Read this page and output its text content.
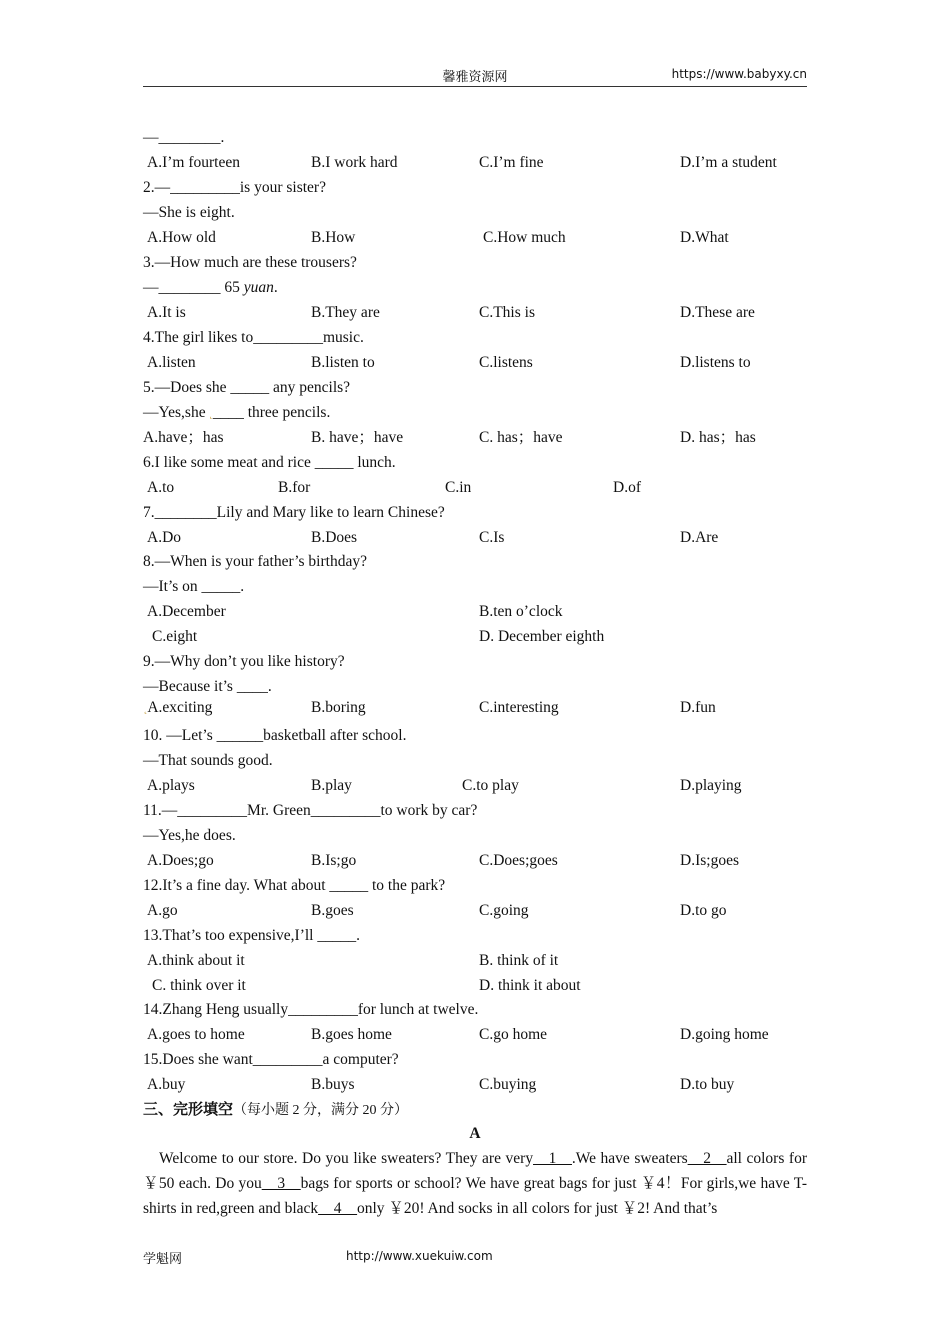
馨雅资源网	https://www.babyxy.cn
—________.
A.I’m fourteen	B.I work hard	C.I’m fine	D.I’m a student
2.—_________is your sister?
—She is eight.
A.How old	B.How	C.How much	D.What
3.—How much are these trousers?
—________ 65 yuan.
A.It is	B.They are	C.This is	D.These are
4.The girl likes to_________music.
A.listen	B.listen to	C.listens	D.listens to
5.—Does she _____ any pencils?
—Yes,she ˛____ three pencils.
A.have；has	B. have；have	C. has；have	D. has；has
6.I like some meat and rice _____ lunch.
A.to	B.for	C.in	D.of
7.________Lily and Mary like to learn Chinese?
A.Do	B.Does	C.Is	D.Are
8.—When is your father’s birthday?
—It’s on _____.
A.December	B.ten o’clock
C.eight	D. December eighth
9.—Why don’t you like history?
—Because it’s ____.
˛A.exciting	B.boring	C.interesting	D.fun
10. —Let’s ______basketball after school.
—That sounds good.
A.plays	B.play	C.to play	D.playing
11.—_________Mr. Green_________to work by car?
—Yes,he does.
A.Does;go	B.Is;go	C.Does;goes	D.Is;goes
12.It’s a fine day. What about _____ to the park?
A.go	B.goes	C.going	D.to go
13.That’s too expensive,I’ll _____.
A.think about it	B. think of it
C. think over it	D. think it about
14.Zhang Heng usually_________for lunch at twelve.
A.goes to home	B.goes home	C.go home	D.going home
15.Does she want_________a computer?
A.buy	B.buys	C.buying	D.to buy
三、完形填空（每小题 2 分，满分 20 分）
A
Welcome to our store. Do you like sweaters? They are very__1__.We have sweaters__2__all colors for ￥50 each. Do you__3__bags for sports or school? We have great bags for just ￥4！For girls,we have T-shirts in red,green and black__4__only ￥20! And socks in all colors for just ￥2! And that’s
学魁网	http://www.xuekuiw.com
